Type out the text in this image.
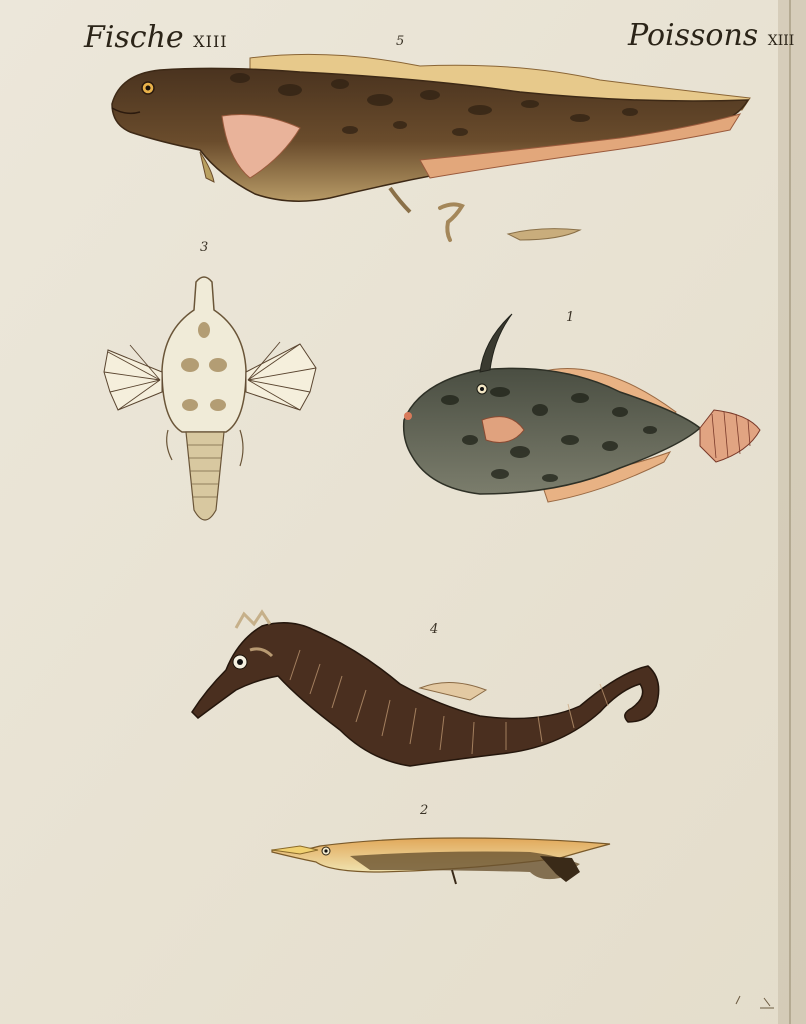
Fische XIII	Poissons XIII
5
3
1
4
2
